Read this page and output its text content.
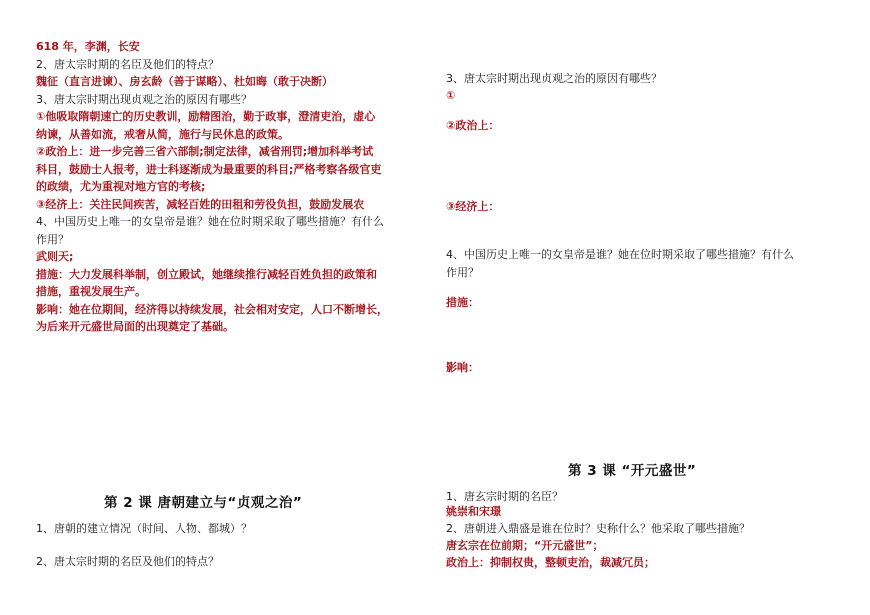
618 年，李渊，长安
2、唐太宗时期的名臣及他们的特点？
魏征（直言进谏）、房玄龄（善于谋略）、杜如晦（敢于决断）
3、唐太宗时期出现贞观之治的原因有哪些？
①他吸取隋朝速亡的历史教训，励精图治，勤于政事，澄清吏治，虚心
纳谏，从善如流，戒奢从简，施行与民休息的政策。
②政治上：进一步完善三省六部制;制定法律，减省刑罚;增加科举考试
科目，鼓励士人报考，进士科逐渐成为最重要的科目;严格考察各级官吏
的政绩，尤为重视对地方官的考核;
③经济上：关注民间疾苦，减轻百姓的田租和劳役负担，鼓励发展农
4、中国历史上唯一的女皇帝是谁？她在位时期采取了哪些措施？有什么
作用？
武则天;
措施：大力发展科举制，创立殿试，她继续推行减轻百姓负担的政策和
措施，重视发展生产。
影响：她在位期间，经济得以持续发展，社会相对安定，人口不断增长，
为后来开元盛世局面的出现奠定了基础。
3、唐太宗时期出现贞观之治的原因有哪些？
①
②政治上：
③经济上：
4、中国历史上唯一的女皇帝是谁？她在位时期采取了哪些措施？有什么
作用？
措施：
影响：
第 2 课 唐朝建立与“贞观之治”
1、唐朝的建立情况（时间、人物、都城）？
2、唐太宗时期的名臣及他们的特点？
第 3 课 “开元盛世”
1、唐玄宗时期的名臣？
姚崇和宋璟
2、唐朝进入鼎盛是谁在位时？史称什么？他采取了哪些措施？
唐玄宗在位前期；“开元盛世”；
政治上：抑制权贵，整顿吏治，裁减冗员；
